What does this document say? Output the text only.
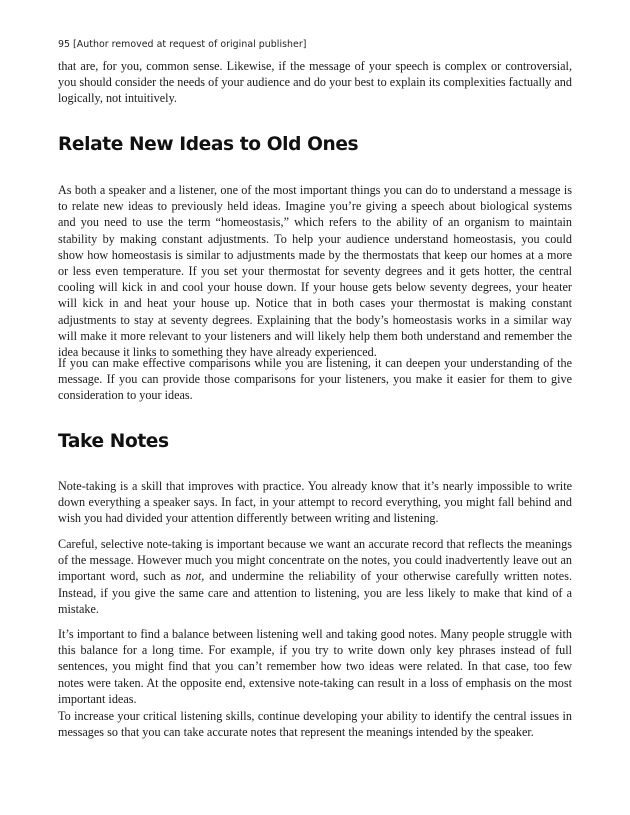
95 [Author removed at request of original publisher]

that are, for you, common sense. Likewise, if the message of your speech is complex or controversial, you should consider the needs of your audience and do your best to explain its complexities factually and logically, not intuitively.

Relate New Ideas to Old Ones

As both a speaker and a listener, one of the most important things you can do to understand a message is to relate new ideas to previously held ideas. Imagine you’re giving a speech about biological systems and you need to use the term “homeostasis,” which refers to the ability of an organism to maintain stability by making constant adjustments. To help your audience understand homeostasis, you could show how homeostasis is similar to adjustments made by the thermostats that keep our homes at a more or less even temperature. If you set your thermostat for seventy degrees and it gets hotter, the central cooling will kick in and cool your house down. If your house gets below seventy degrees, your heater will kick in and heat your house up. Notice that in both cases your thermostat is making constant adjustments to stay at seventy degrees. Explaining that the body’s homeostasis works in a similar way will make it more relevant to your listeners and will likely help them both understand and remember the idea because it links to something they have already experienced.

If you can make effective comparisons while you are listening, it can deepen your understanding of the message. If you can provide those comparisons for your listeners, you make it easier for them to give consideration to your ideas.

Take Notes

Note-taking is a skill that improves with practice. You already know that it’s nearly impossible to write down everything a speaker says. In fact, in your attempt to record everything, you might fall behind and wish you had divided your attention differently between writing and listening.

Careful, selective note-taking is important because we want an accurate record that reflects the meanings of the message. However much you might concentrate on the notes, you could inadvertently leave out an important word, such as not, and undermine the reliability of your otherwise carefully written notes. Instead, if you give the same care and attention to listening, you are less likely to make that kind of a mistake.

It’s important to find a balance between listening well and taking good notes. Many people struggle with this balance for a long time. For example, if you try to write down only key phrases instead of full sentences, you might find that you can’t remember how two ideas were related. In that case, too few notes were taken. At the opposite end, extensive note-taking can result in a loss of emphasis on the most important ideas.

To increase your critical listening skills, continue developing your ability to identify the central issues in messages so that you can take accurate notes that represent the meanings intended by the speaker.
